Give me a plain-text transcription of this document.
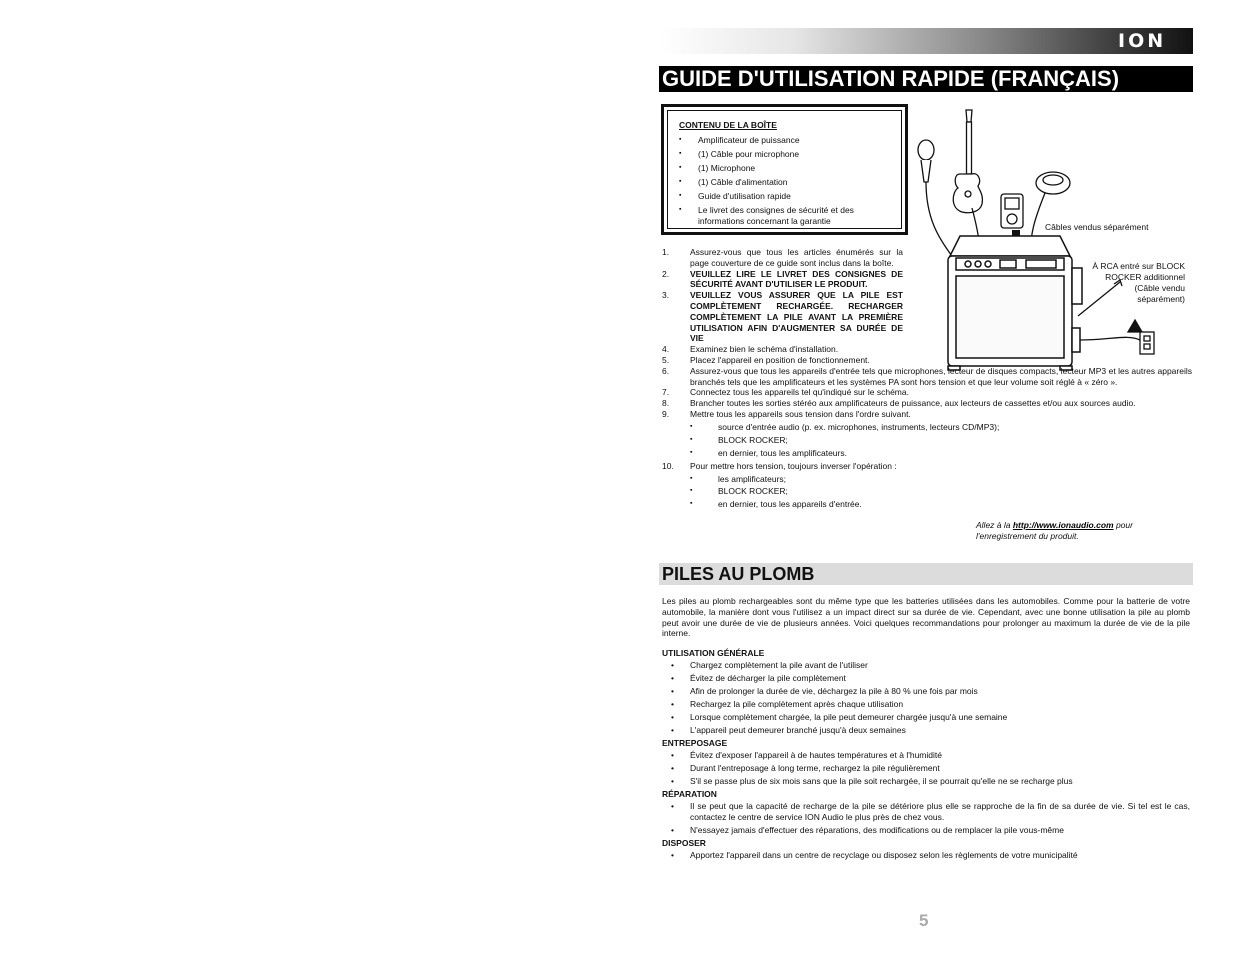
ION
GUIDE D'UTILISATION RAPIDE (FRANÇAIS)
CONTENU DE LA BOÎTE
▪	Amplificateur de puissance
▪	(1) Câble pour microphone
▪	(1) Microphone
▪	(1) Câble d'alimentation
▪	Guide d'utilisation rapide
▪	Le livret des consignes de sécurité et des informations concernant la garantie
Câbles vendus séparément
À RCA entré sur BLOCK ROCKER additionnel (Câble vendu séparément)
1.	Assurez-vous que tous les articles énumérés sur la page couverture de ce guide sont inclus dans la boîte.
2.	VEUILLEZ LIRE LE LIVRET DES CONSIGNES DE SÉCURITÉ AVANT D'UTILISER LE PRODUIT.
3.	VEUILLEZ VOUS ASSURER QUE LA PILE EST COMPLÈTEMENT RECHARGÉE. RECHARGER COMPLÈTEMENT LA PILE AVANT LA PREMIÈRE UTILISATION AFIN D'AUGMENTER SA DURÉE DE VIE
4.	Examinez bien le schéma d'installation.
5.	Placez l'appareil en position de fonctionnement.
6.	Assurez-vous que tous les appareils d'entrée tels que microphones, lecteur de disques compacts, lecteur MP3 et les autres appareils branchés tels que les amplificateurs et les systèmes PA sont hors tension et que leur volume soit réglé à « zéro ».
7.	Connectez tous les appareils tel qu'indiqué sur le schéma.
8.	Brancher toutes les sorties stéréo aux amplificateurs de puissance, aux lecteurs de cassettes et/ou aux sources audio.
9.	Mettre tous les appareils sous tension dans l'ordre suivant.
▪	source d'entrée audio (p. ex. microphones, instruments, lecteurs CD/MP3);
▪	BLOCK ROCKER;
▪	en dernier, tous les amplificateurs.
10.	Pour mettre hors tension, toujours inverser l'opération :
▪	les amplificateurs;
▪	BLOCK ROCKER;
▪	en dernier, tous les appareils d'entrée.
Allez à la http://www.ionaudio.com pour l'enregistrement du produit.
PILES AU PLOMB
Les piles au plomb rechargeables sont du même type que les batteries utilisées dans les automobiles. Comme pour la batterie de votre automobile, la manière dont vous l'utilisez a un impact direct sur sa durée de vie. Cependant, avec une bonne utilisation la pile au plomb peut avoir une durée de vie de plusieurs années. Voici quelques recommandations pour prolonger au maximum la durée de vie de la pile interne.
UTILISATION GÉNÉRALE
•	Chargez complètement la pile avant de l'utiliser
•	Évitez de décharger la pile complètement
•	Afin de prolonger la durée de vie, déchargez la pile à 80 % une fois par mois
•	Rechargez la pile complètement après chaque utilisation
•	Lorsque complètement chargée, la pile peut demeurer chargée jusqu'à une semaine
•	L'appareil peut demeurer branché jusqu'à deux semaines
ENTREPOSAGE
•	Évitez d'exposer l'appareil à de hautes températures et à l'humidité
•	Durant l'entreposage à long terme, rechargez la pile régulièrement
•	S'il se passe plus de six mois sans que la pile soit rechargée, il se pourrait qu'elle ne se recharge plus
RÉPARATION
•	Il se peut que la capacité de recharge de la pile se détériore plus elle se rapproche de la fin de sa durée de vie. Si tel est le cas, contactez le centre de service ION Audio le plus près de chez vous.
•	N'essayez jamais d'effectuer des réparations, des modifications ou de remplacer la pile vous-même
DISPOSER
•	Apportez l'appareil dans un centre de recyclage ou disposez selon les règlements de votre municipalité
5
